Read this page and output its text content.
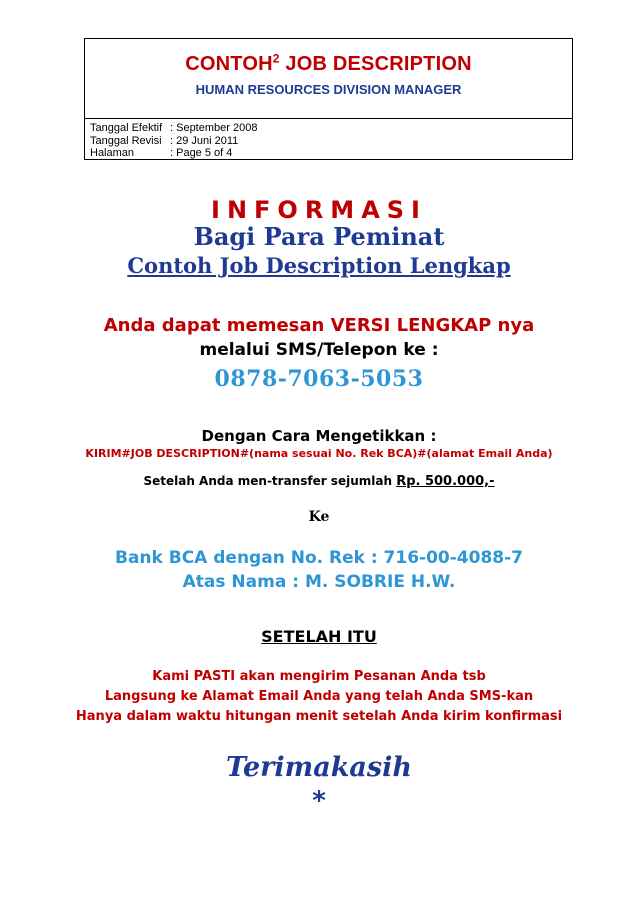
CONTOH$^2$ JOB DESCRIPTION
HUMAN RESOURCES DIVISION MANAGER
Tanggal Efektif : September 2008
Tanggal Revisi : 29 Juni 2011
Halaman	: Page 5 of 4
INFORMASI
Bagi Para Peminat
Contoh Job Description Lengkap
Anda dapat memesan VERSI LENGKAP nya
melalui SMS/Telepon ke :
0878-7063-5053
Dengan Cara Mengetikkan :
KIRIM#JOB DESCRIPTION#(nama sesuai No. Rek BCA)#(alamat Email Anda)
Setelah Anda men-transfer sejumlah Rp. 500.000,-
Ke
Bank BCA dengan No. Rek : 716-00-4088-7
Atas Nama : M. SOBRIE H.W.
SETELAH ITU
Kami PASTI akan mengirim Pesanan Anda tsb
Langsung ke Alamat Email Anda yang telah Anda SMS-kan
Hanya dalam waktu hitungan menit setelah Anda kirim konfirmasi
Terimakasih
*
